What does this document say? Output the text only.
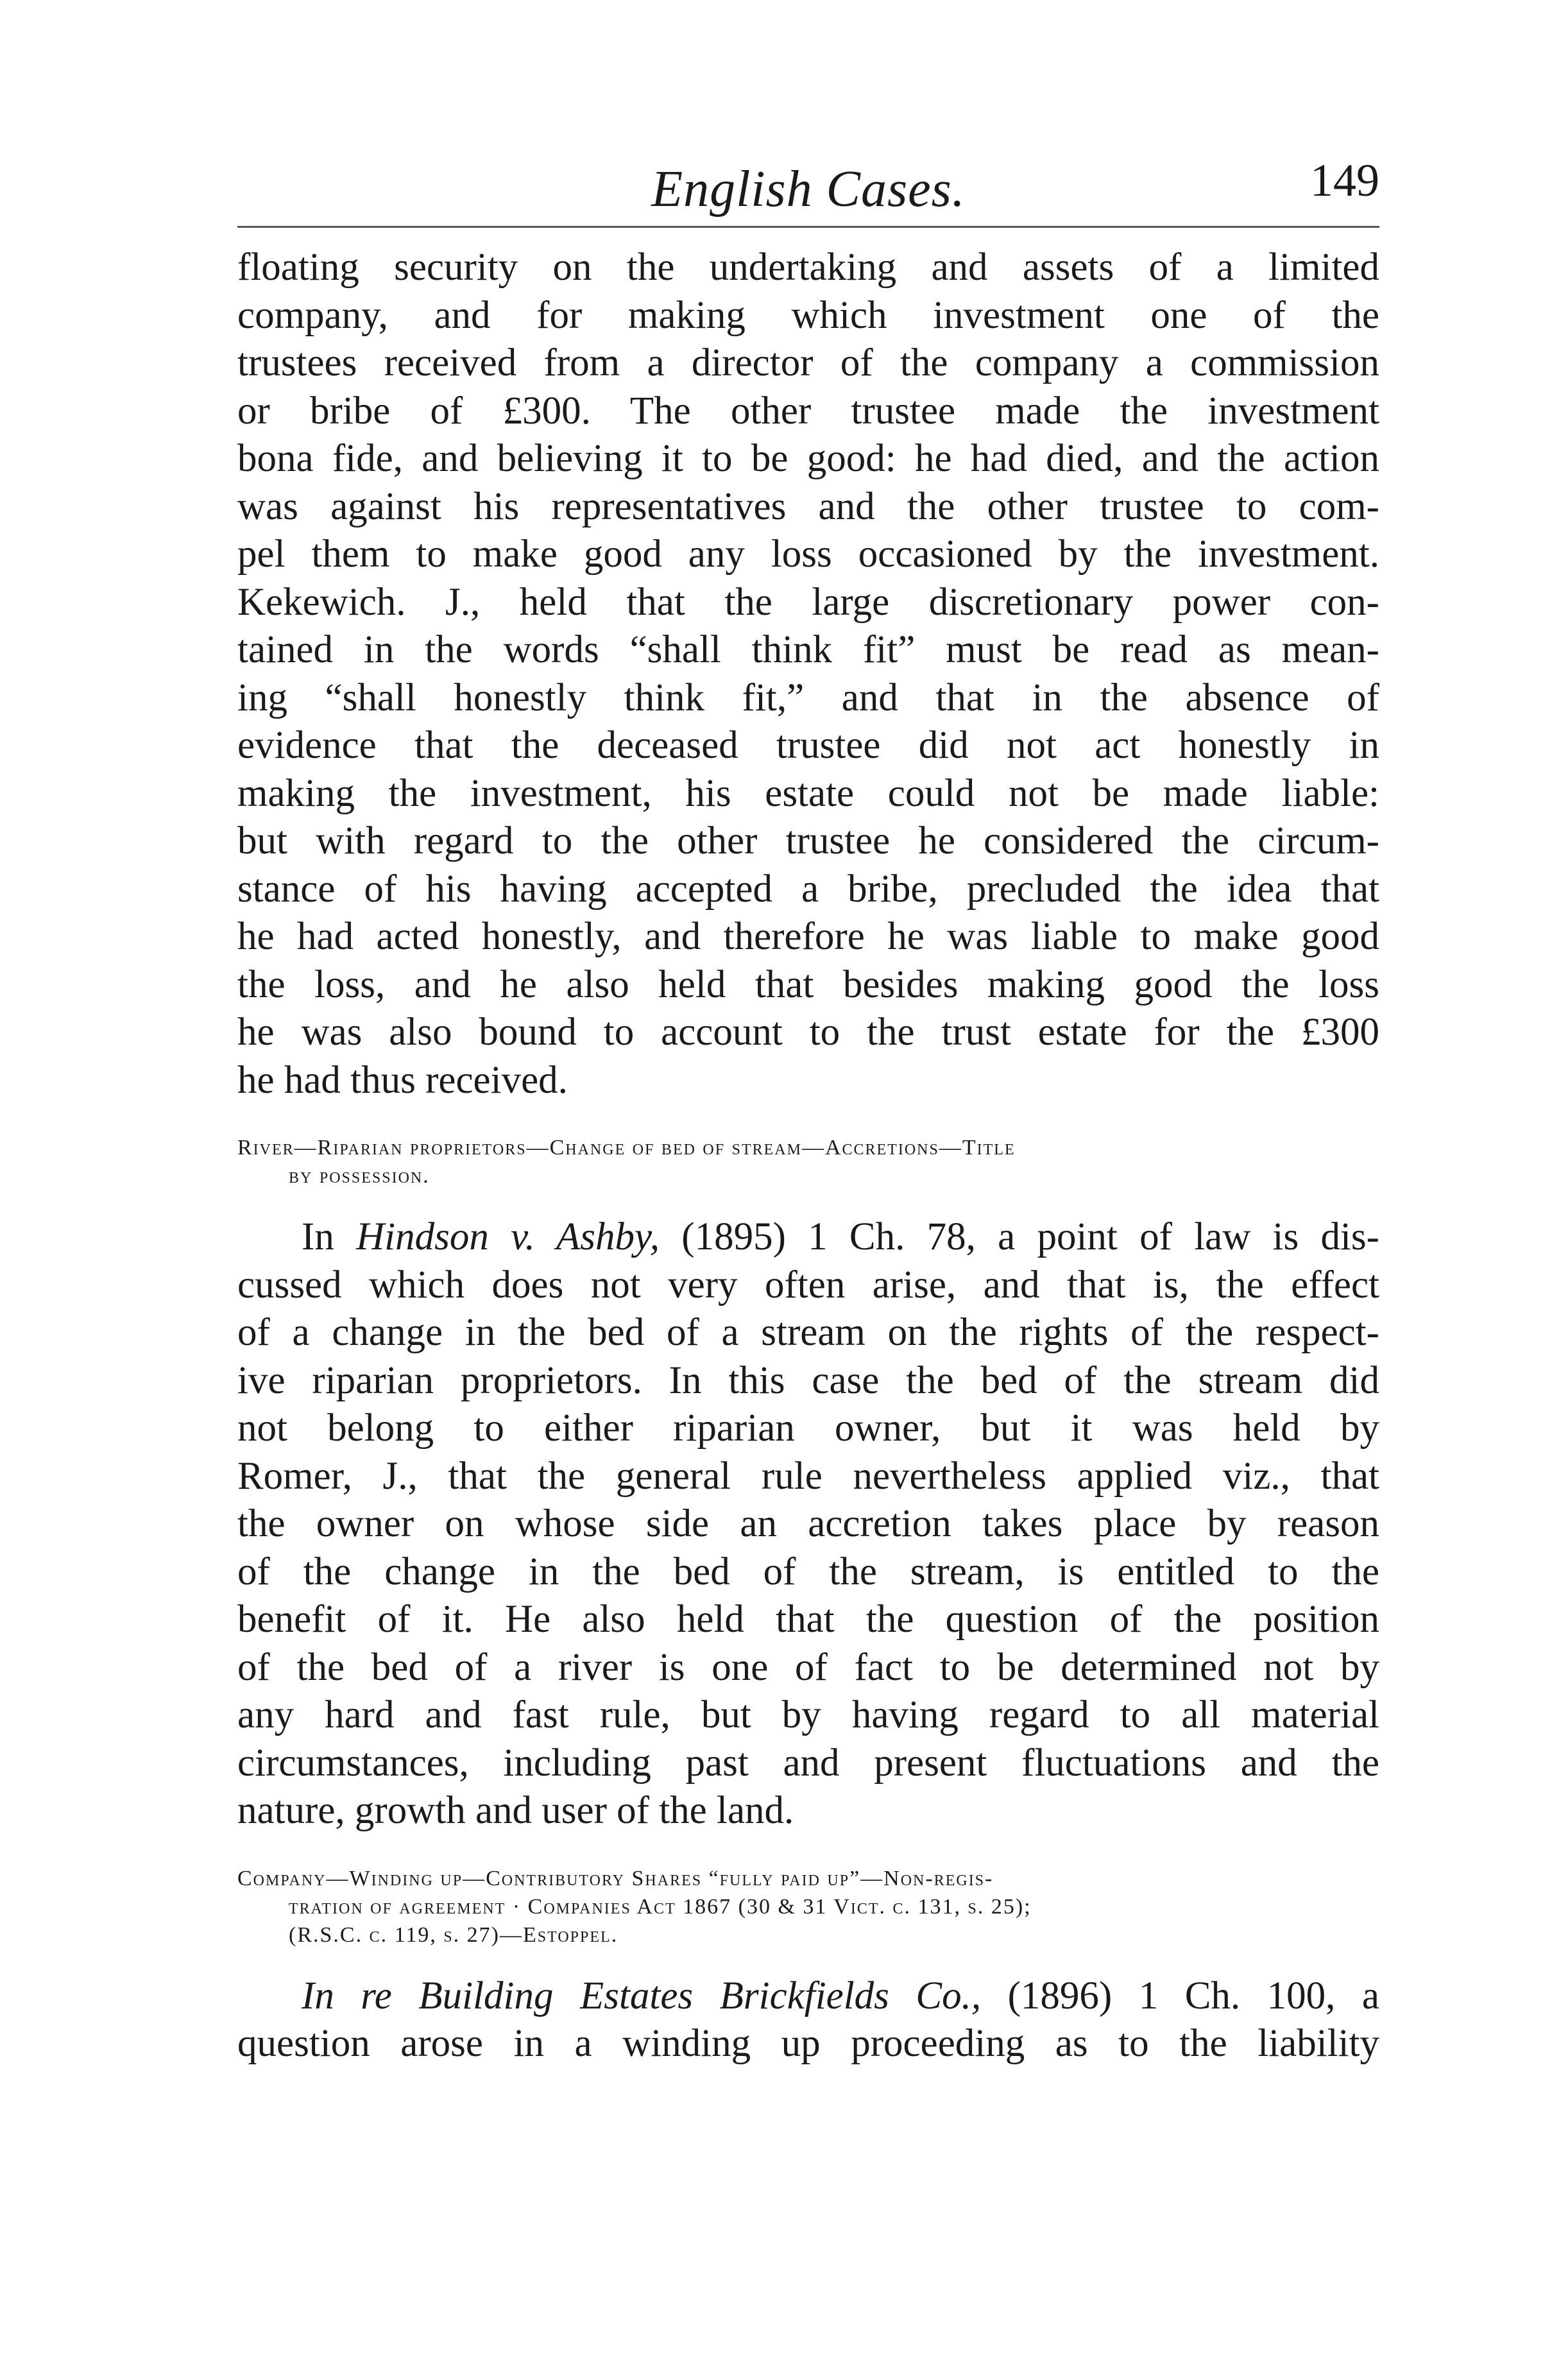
English Cases.	149

floating security on the undertaking and assets of a limited
company, and for making which investment one of the
trustees received from a director of the company a commission
or bribe of £300. The other trustee made the investment
bona fide, and believing it to be good: he had died, and the action
was against his representatives and the other trustee to com-
pel them to make good any loss occasioned by the investment.
Kekewich. J., held that the large discretionary power con-
tained in the words “shall think fit” must be read as mean-
ing “shall honestly think fit,” and that in the absence of
evidence that the deceased trustee did not act honestly in
making the investment, his estate could not be made liable:
but with regard to the other trustee he considered the circum-
stance of his having accepted a bribe, precluded the idea that
he had acted honestly, and therefore he was liable to make good
the loss, and he also held that besides making good the loss
he was also bound to account to the trust estate for the £300
he had thus received.

River—Riparian proprietors—Change of bed of stream—Accretions—Title
by possession.

In Hindson v. Ashby, (1895) 1 Ch. 78, a point of law is dis-
cussed which does not very often arise, and that is, the effect
of a change in the bed of a stream on the rights of the respect-
ive riparian proprietors. In this case the bed of the stream did
not belong to either riparian owner, but it was held by
Romer, J., that the general rule nevertheless applied viz., that
the owner on whose side an accretion takes place by reason
of the change in the bed of the stream, is entitled to the
benefit of it. He also held that the question of the position
of the bed of a river is one of fact to be determined not by
any hard and fast rule, but by having regard to all material
circumstances, including past and present fluctuations and the
nature, growth and user of the land.

Company—Winding up—Contributory Shares “fully paid up”—Non-regis-
tration of agreement · Companies Act 1867 (30 & 31 Vict. c. 131, s. 25);
(R.S.C. c. 119, s. 27)—Estoppel.

In re Building Estates Brickfields Co., (1896) 1 Ch. 100, a
question arose in a winding up proceeding as to the liability
